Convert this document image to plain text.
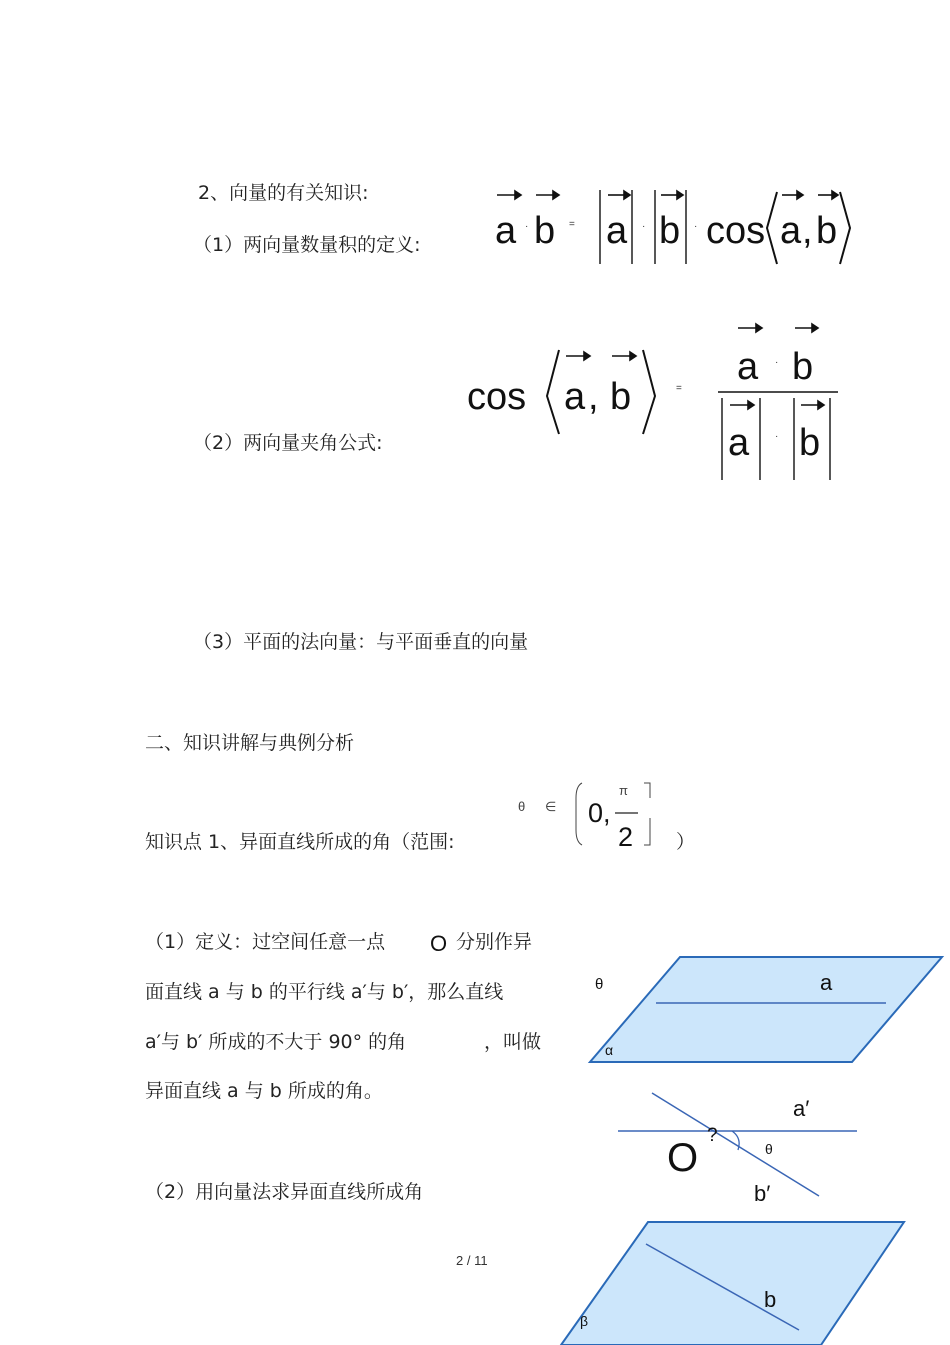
2、向量的有关知识:
（1）两向量数量积的定义: a · b = a · b · cos a , b
cos a , b	=
a · b
a	· b
（2）两向量夹角公式:
（3）平面的法向量：与平面垂直的向量
二、知识讲解与典例分析
知识点 1、异面直线所成的角（范围:	）
θ ∈ 0,
π
2
（1）定义：过空间任意一点 O 分别作异
面直线 a 与 b 的平行线 a′与 b′，那么直线
a′与 b′ 所成的不大于 90° 的角	，叫做
异面直线 a 与 b 所成的角。
（2）用向量法求异面直线所成角
θ	a
α
a′
?
θ
O
b′
b
β
2 / 11
